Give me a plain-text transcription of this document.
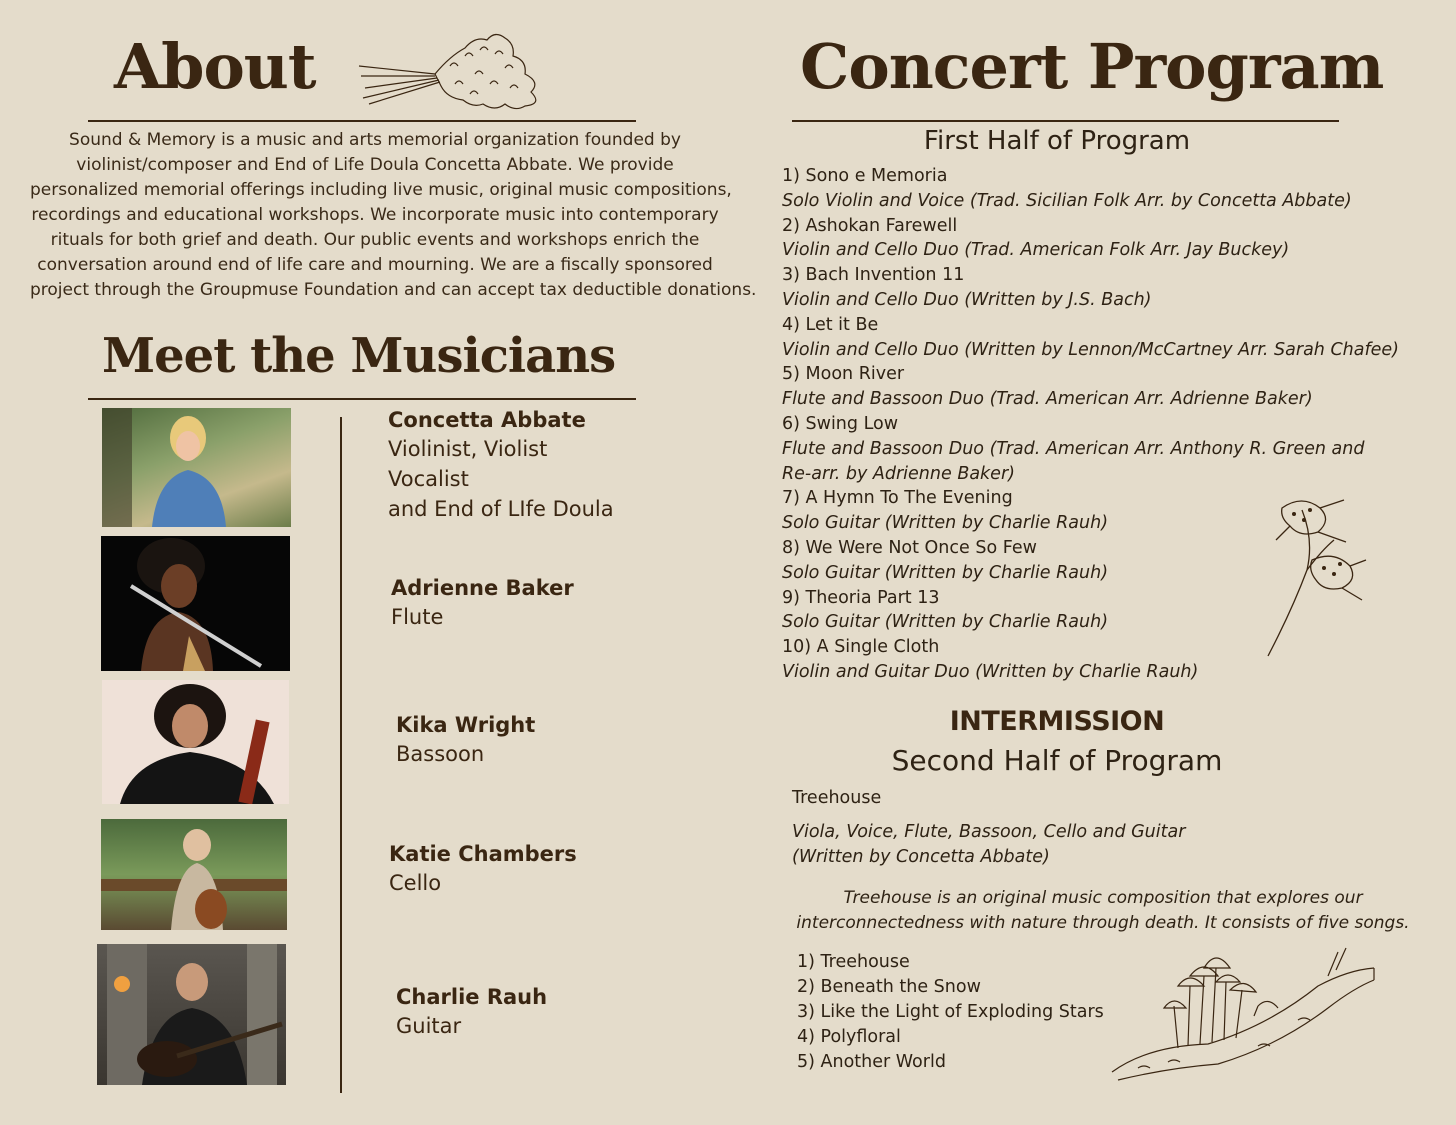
About
Sound & Memory is a music and arts memorial organization founded by
violinist/composer and End of Life Doula Concetta Abbate. We provide
personalized memorial offerings including live music, original music compositions,
recordings and educational workshops. We incorporate music into contemporary
rituals for both grief and death. Our public events and workshops enrich the
conversation around end of life care and mourning. We are a fiscally sponsored
project through the Groupmuse Foundation and can accept tax deductible donations.
Meet the Musicians
Concetta Abbate
Violinist, Violist
Vocalist
and End of LIfe Doula
Adrienne Baker
Flute
Kika Wright
Bassoon
Katie Chambers
Cello
Charlie Rauh
Guitar
Concert Program
First Half of Program
1) Sono e Memoria
Solo Violin and Voice (Trad. Sicilian Folk Arr. by Concetta Abbate)
2) Ashokan Farewell
Violin and Cello Duo (Trad. American Folk Arr. Jay Buckey)
3) Bach Invention 11
Violin and Cello Duo (Written by J.S. Bach)
4) Let it Be
Violin and Cello Duo (Written by Lennon/McCartney Arr. Sarah Chafee)
5) Moon River
Flute and Bassoon Duo (Trad. American Arr. Adrienne Baker)
6) Swing Low
Flute and Bassoon Duo (Trad. American Arr. Anthony R. Green and
Re-arr. by Adrienne Baker)
7) A Hymn To The Evening
Solo Guitar (Written by Charlie Rauh)
8) We Were Not Once So Few
Solo Guitar (Written by Charlie Rauh)
9) Theoria Part 13
Solo Guitar (Written by Charlie Rauh)
10) A Single Cloth
Violin and Guitar Duo (Written by Charlie Rauh)
INTERMISSION
Second Half of Program
Treehouse
Viola, Voice, Flute, Bassoon, Cello and Guitar
(Written by Concetta Abbate)
Treehouse is an original music composition that explores our
interconnectedness with nature through death. It consists of five songs.
1) Treehouse
2) Beneath the Snow
3) Like the Light of Exploding Stars
4) Polyfloral
5) Another World
